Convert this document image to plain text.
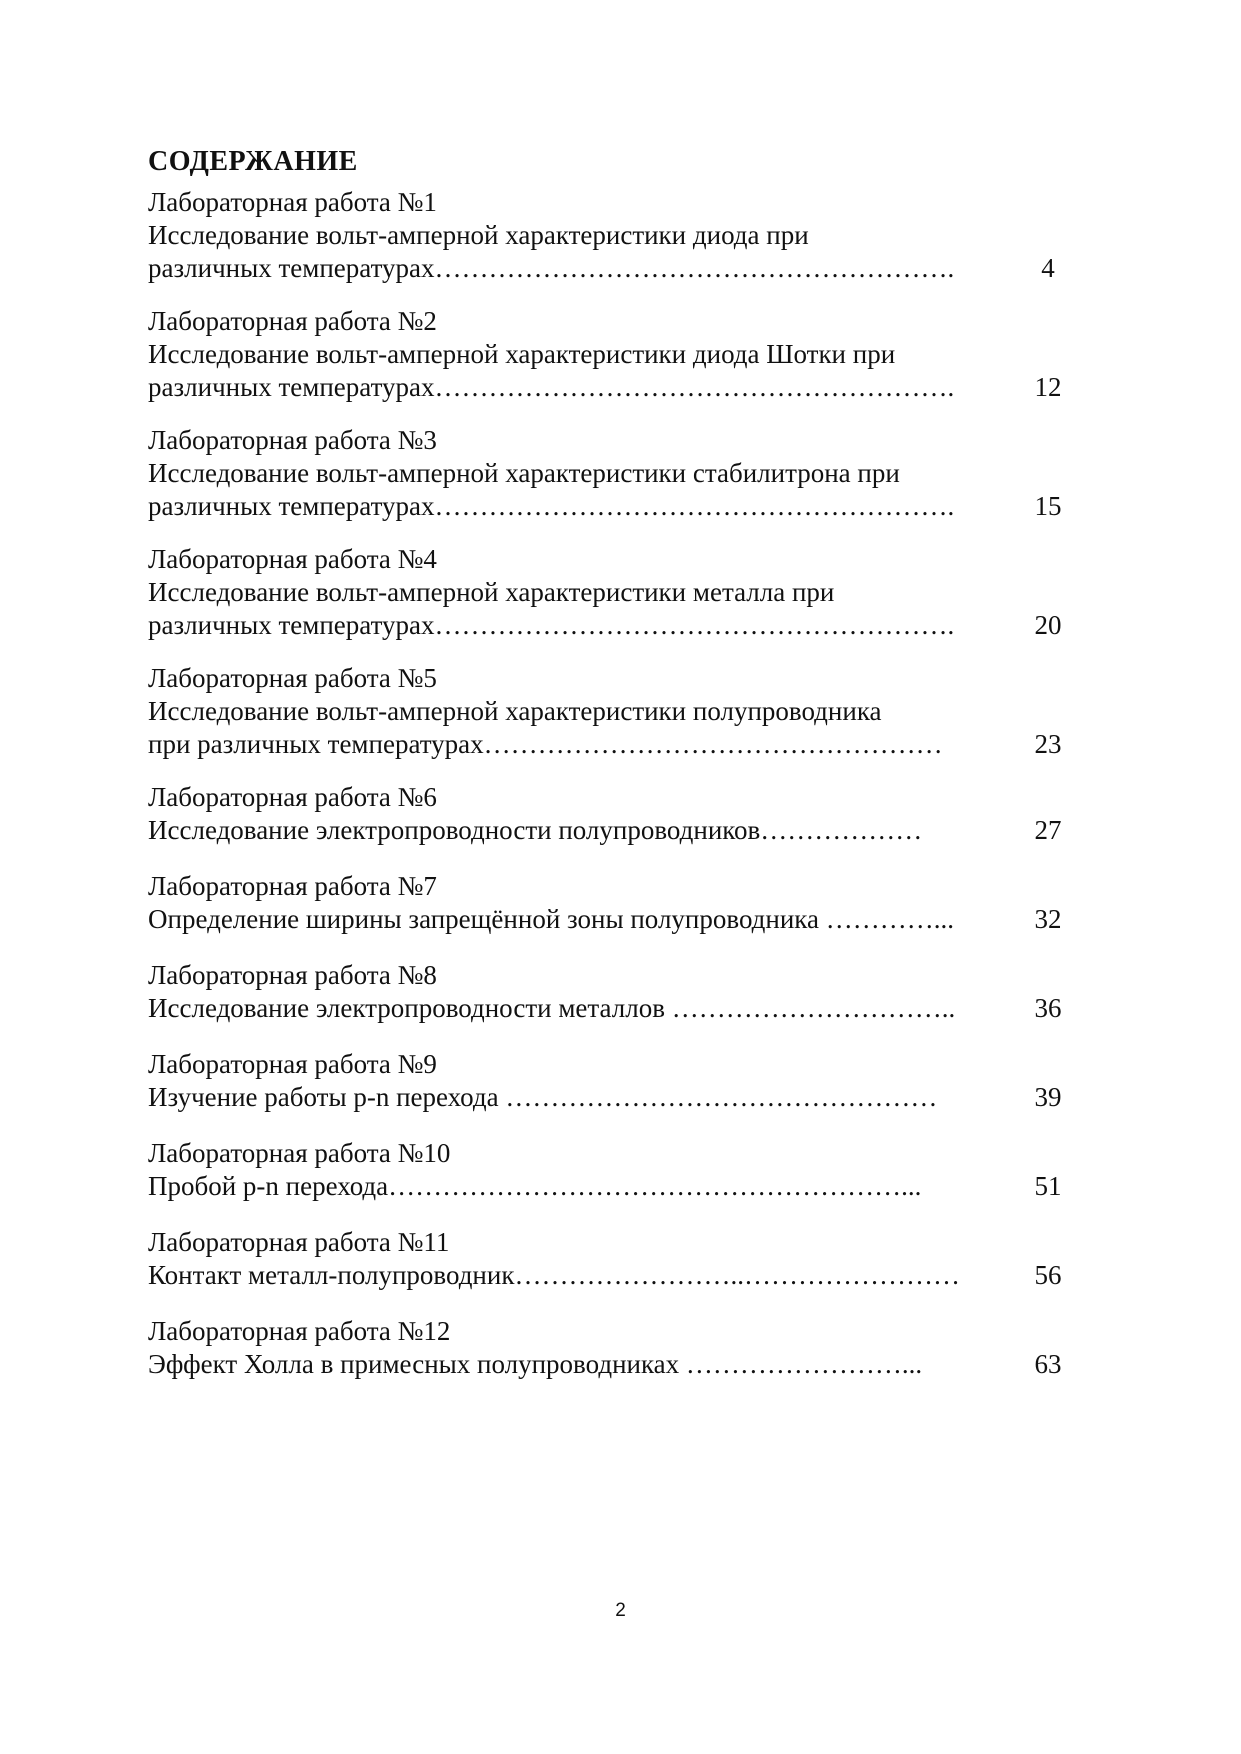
СОДЕРЖАНИЕ
Лабораторная работа №1
Исследование вольт-амперной характеристики диода при
различных температурах………………………………………………….	4
Лабораторная работа №2
Исследование вольт-амперной характеристики диода Шотки при
различных температурах………………………………………………….	12
Лабораторная работа №3
Исследование вольт-амперной характеристики стабилитрона при
различных температурах………………………………………………….	15
Лабораторная работа №4
Исследование вольт-амперной характеристики металла при
различных температурах………………………………………………….	20
Лабораторная работа №5
Исследование вольт-амперной характеристики полупроводника
при различных температурах……………………………………………	23
Лабораторная работа №6
Исследование электропроводности полупроводников………………	27
Лабораторная работа №7
Определение ширины запрещённой зоны полупроводника …………...	32
Лабораторная работа №8
Исследование электропроводности металлов …………………………..	36
Лабораторная работа №9
Изучение работы p-n перехода …………………………………………	39
Лабораторная работа №10
Пробой p-n перехода…………………………………………………...	51
Лабораторная работа №11
Контакт металл-полупроводник……………………..……………………	56
Лабораторная работа №12
Эффект Холла в примесных полупроводниках ……………………...	63
2
